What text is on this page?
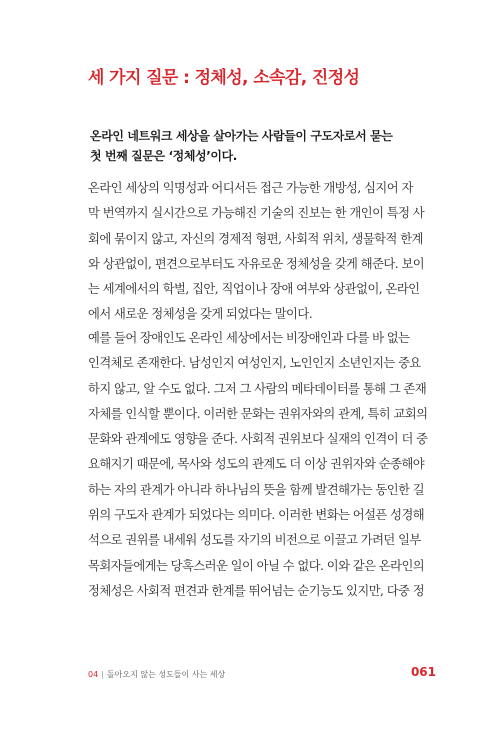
세 가지 질문 : 정체성, 소속감, 진정성
온라인 네트워크 세상을 살아가는 사람들이 구도자로서 묻는
첫 번째 질문은 ‘정체성’이다.
온라인 세상의 익명성과 어디서든 접근 가능한 개방성, 심지어 자
막 번역까지 실시간으로 가능해진 기술의 진보는 한 개인이 특정 사
회에 묶이지 않고, 자신의 경제적 형편, 사회적 위치, 생물학적 한계
와 상관없이, 편견으로부터도 자유로운 정체성을 갖게 해준다. 보이
는 세계에서의 학벌, 집안, 직업이나 장애 여부와 상관없이, 온라인
에서 새로운 정체성을 갖게 되었다는 말이다.
예를 들어 장애인도 온라인 세상에서는 비장애인과 다를 바 없는
인격체로 존재한다. 남성인지 여성인지, 노인인지 소년인지는 중요
하지 않고, 알 수도 없다. 그저 그 사람의 메타데이터를 통해 그 존재
자체를 인식할 뿐이다. 이러한 문화는 권위자와의 관계, 특히 교회의
문화와 관계에도 영향을 준다. 사회적 권위보다 실재의 인격이 더 중
요해지기 때문에, 목사와 성도의 관계도 더 이상 권위자와 순종해야
하는 자의 관계가 아니라 하나님의 뜻을 함께 발견해가는 동인한 길
위의 구도자 관계가 되었다는 의미다. 이러한 변화는 어설픈 성경해
석으로 권위를 내세워 성도를 자기의 비전으로 이끌고 가려던 일부
목회자들에게는 당혹스러운 일이 아닐 수 없다. 이와 같은 온라인의
정체성은 사회적 편견과 한계를 뛰어넘는 순기능도 있지만, 다중 정
04 | 돌아오지 않는 성도들이 사는 세상	061
